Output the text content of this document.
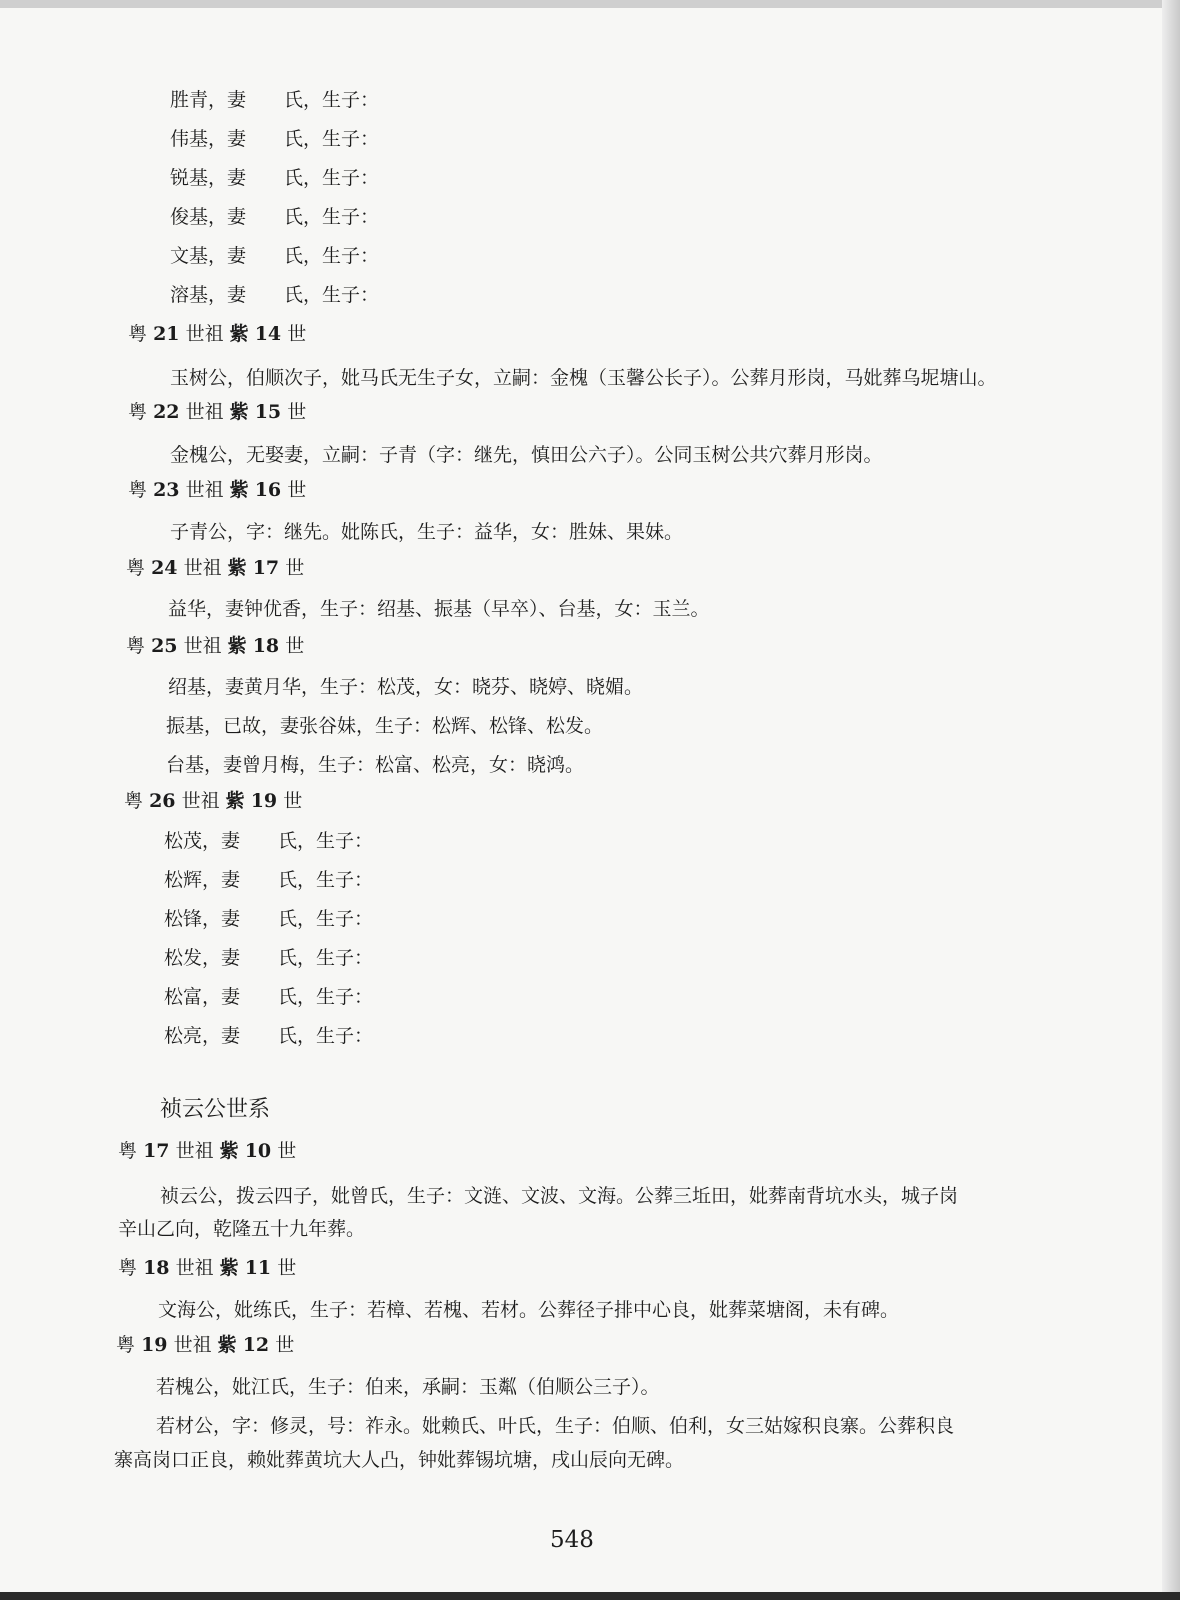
胜青，妻　　氏，生子：
伟基，妻　　氏，生子：
锐基，妻　　氏，生子：
俊基，妻　　氏，生子：
文基，妻　　氏，生子：
溶基，妻　　氏，生子：
粤 21 世祖 紫 14 世
玉树公，伯顺次子，妣马氏无生子女，立嗣：金槐（玉馨公长子）。公葬月形岗，马妣葬乌坭塘山。
粤 22 世祖 紫 15 世
金槐公，无娶妻，立嗣：子青（字：继先，慎田公六子）。公同玉树公共穴葬月形岗。
粤 23 世祖 紫 16 世
子青公，字：继先。妣陈氏，生子：益华，女：胜妹、果妹。
粤 24 世祖 紫 17 世
益华，妻钟优香，生子：绍基、振基（早卒）、台基，女：玉兰。
粤 25 世祖 紫 18 世
绍基，妻黄月华，生子：松茂，女：晓芬、晓婷、晓媚。
振基，已故，妻张谷妹，生子：松辉、松锋、松发。
台基，妻曾月梅，生子：松富、松亮，女：晓鸿。
粤 26 世祖 紫 19 世
松茂，妻　　氏，生子：
松辉，妻　　氏，生子：
松锋，妻　　氏，生子：
松发，妻　　氏，生子：
松富，妻　　氏，生子：
松亮，妻　　氏，生子：
祯云公世系
粤 17 世祖 紫 10 世
祯云公，拨云四子，妣曾氏，生子：文涟、文波、文海。公葬三坵田，妣葬南背坑水头，城子岗
辛山乙向，乾隆五十九年葬。
粤 18 世祖 紫 11 世
文海公，妣练氏，生子：若樟、若槐、若材。公葬径子排中心良，妣葬菜塘阁，未有碑。
粤 19 世祖 紫 12 世
若槐公，妣江氏，生子：伯来，承嗣：玉粼（伯顺公三子）。
若材公，字：修灵，号：祚永。妣赖氏、叶氏，生子：伯顺、伯利，女三姑嫁积良寨。公葬积良
寨高岗口正良，赖妣葬黄坑大人凸，钟妣葬锡坑塘，戌山辰向无碑。
548
